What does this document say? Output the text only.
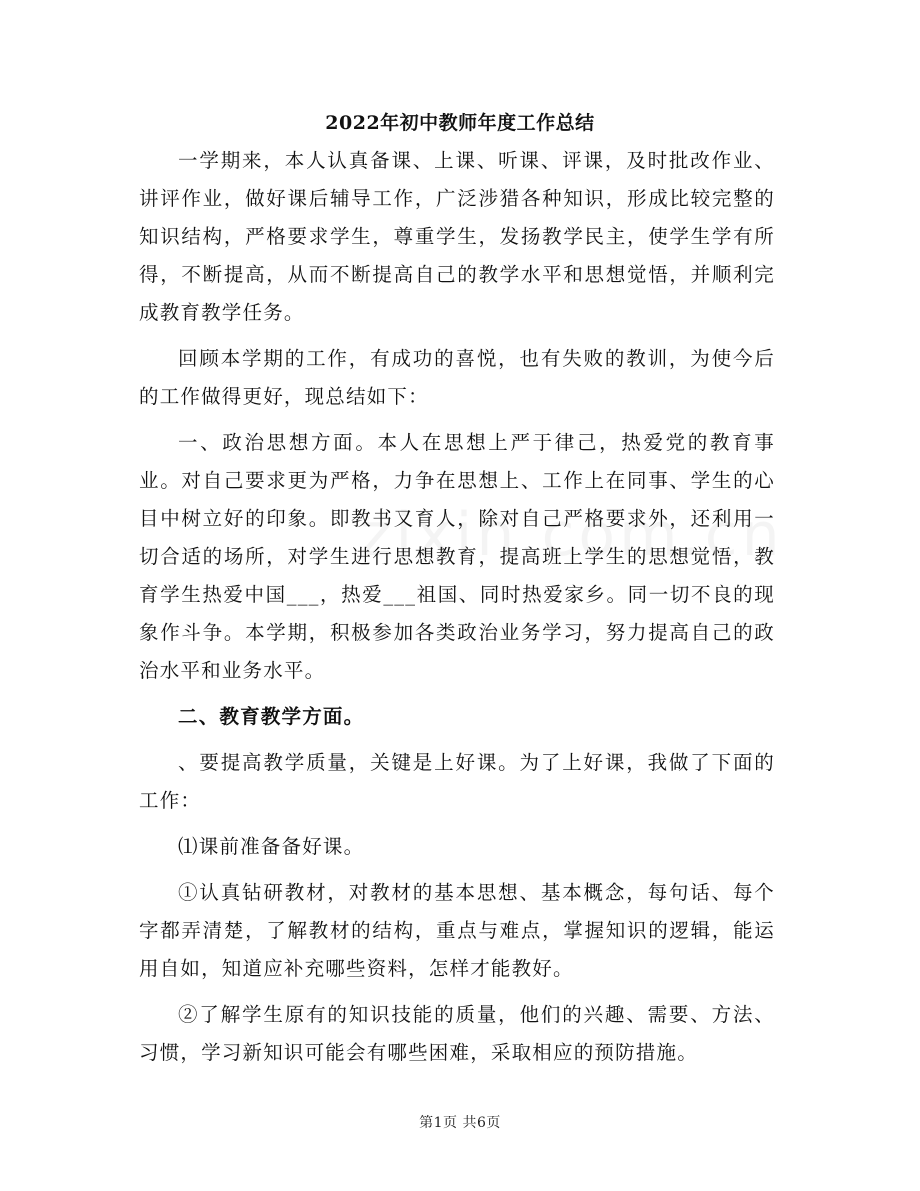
2022年初中教师年度工作总结

一学期来，本人认真备课、上课、听课、评课，及时批改作业、讲评作业，做好课后辅导工作，广泛涉猎各种知识，形成比较完整的知识结构，严格要求学生，尊重学生，发扬教学民主，使学生学有所得，不断提高，从而不断提高自己的教学水平和思想觉悟，并顺利完成教育教学任务。

回顾本学期的工作，有成功的喜悦，也有失败的教训，为使今后的工作做得更好，现总结如下：

一、政治思想方面。本人在思想上严于律己，热爱党的教育事业。对自己要求更为严格，力争在思想上、工作上在同事、学生的心目中树立好的印象。即教书又育人，除对自己严格要求外，还利用一切合适的场所，对学生进行思想教育，提高班上学生的思想觉悟，教育学生热爱中国___，热爱___祖国、同时热爱家乡。同一切不良的现象作斗争。本学期，积极参加各类政治业务学习，努力提高自己的政治水平和业务水平。

二、教育教学方面。

、要提高教学质量，关键是上好课。为了上好课，我做了下面的工作：

⑴课前准备备好课。

①认真钻研教材，对教材的基本思想、基本概念，每句话、每个字都弄清楚，了解教材的结构，重点与难点，掌握知识的逻辑，能运用自如，知道应补充哪些资料，怎样才能教好。

②了解学生原有的知识技能的质量，他们的兴趣、需要、方法、习惯，学习新知识可能会有哪些困难，采取相应的预防措施。

第1页 共6页
